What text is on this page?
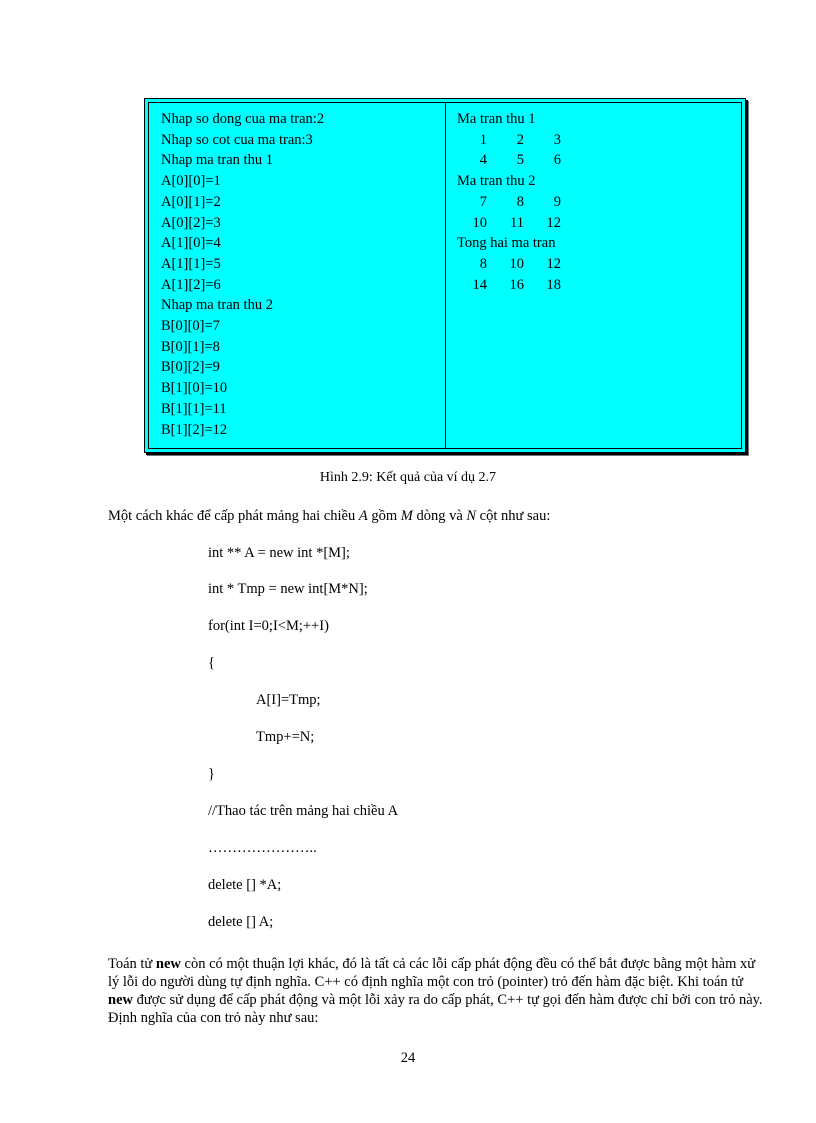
Nhap so dong cua ma tran:2
Nhap so cot cua ma tran:3
Nhap ma tran thu 1
A[0][0]=1
A[0][1]=2
A[0][2]=3
A[1][0]=4
A[1][1]=5
A[1][2]=6
Nhap ma tran thu 2
B[0][0]=7
B[0][1]=8
B[0][2]=9
B[1][0]=10
B[1][1]=11
B[1][2]=12
Ma tran thu 1
1	2	3
4	5	6
Ma tran thu 2
7	8	9
10	11	12
Tong hai ma tran
8	10	12
14	16	18
Hình 2.9: Kết quả của ví dụ 2.7
Một cách khác để cấp phát mảng hai chiều A gồm M dòng và N cột như sau:
int ** A = new int *[M];
int * Tmp = new int[M*N];
for(int I=0;I<M;++I)
{
A[I]=Tmp;
Tmp+=N;
}
//Thao tác trên mảng hai chiều A
…………………..
delete [] *A;
delete [] A;
Toán tử new còn có một thuận lợi khác, đó là tất cả các lỗi cấp phát động đều có thể bắt được bằng một hàm xử lý lỗi do người dùng tự định nghĩa. C++ có định nghĩa một con trỏ (pointer) trỏ đến hàm đặc biệt. Khi toán tử new được sử dụng để cấp phát động và một lỗi xảy ra do cấp phát, C++ tự gọi đến hàm được chỉ bởi con trỏ này. Định nghĩa của con trỏ này như sau:
24
